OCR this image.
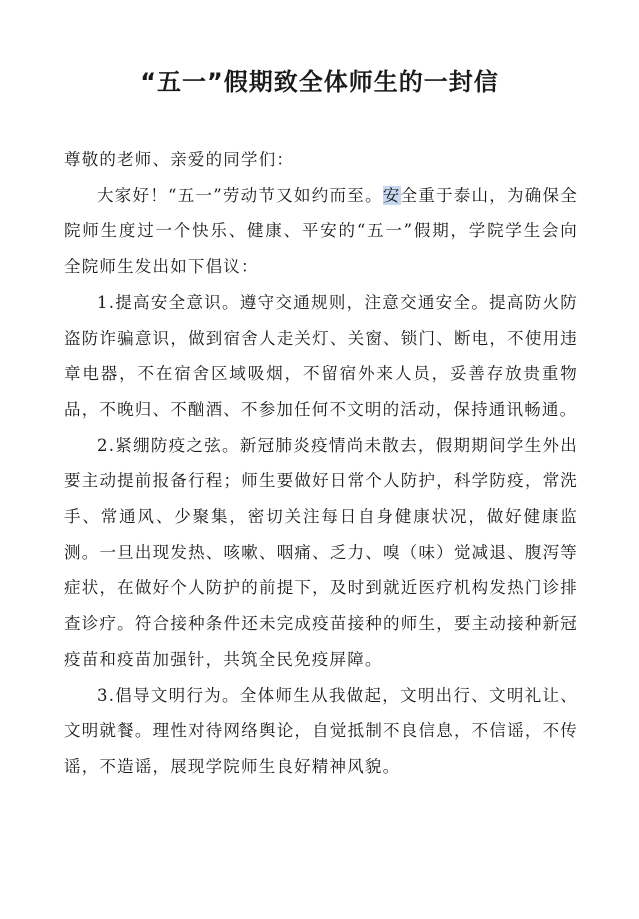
“五一”假期致全体师生的一封信

尊敬的老师、亲爱的同学们：

大家好！“五一”劳动节又如约而至。安全重于泰山，为确保全院师生度过一个快乐、健康、平安的“五一”假期，学院学生会向全院师生发出如下倡议：

1.提高安全意识。遵守交通规则，注意交通安全。提高防火防盗防诈骗意识，做到宿舍人走关灯、关窗、锁门、断电，不使用违章电器，不在宿舍区域吸烟，不留宿外来人员，妥善存放贵重物品，不晚归、不酗酒、不参加任何不文明的活动，保持通讯畅通。

2.紧绷防疫之弦。新冠肺炎疫情尚未散去，假期期间学生外出要主动提前报备行程；师生要做好日常个人防护，科学防疫，常洗手、常通风、少聚集，密切关注每日自身健康状况，做好健康监测。一旦出现发热、咳嗽、咽痛、乏力、嗅（味）觉减退、腹泻等症状，在做好个人防护的前提下，及时到就近医疗机构发热门诊排查诊疗。符合接种条件还未完成疫苗接种的师生，要主动接种新冠疫苗和疫苗加强针，共筑全民免疫屏障。

3.倡导文明行为。全体师生从我做起，文明出行、文明礼让、文明就餐。理性对待网络舆论，自觉抵制不良信息，不信谣，不传谣，不造谣，展现学院师生良好精神风貌。
